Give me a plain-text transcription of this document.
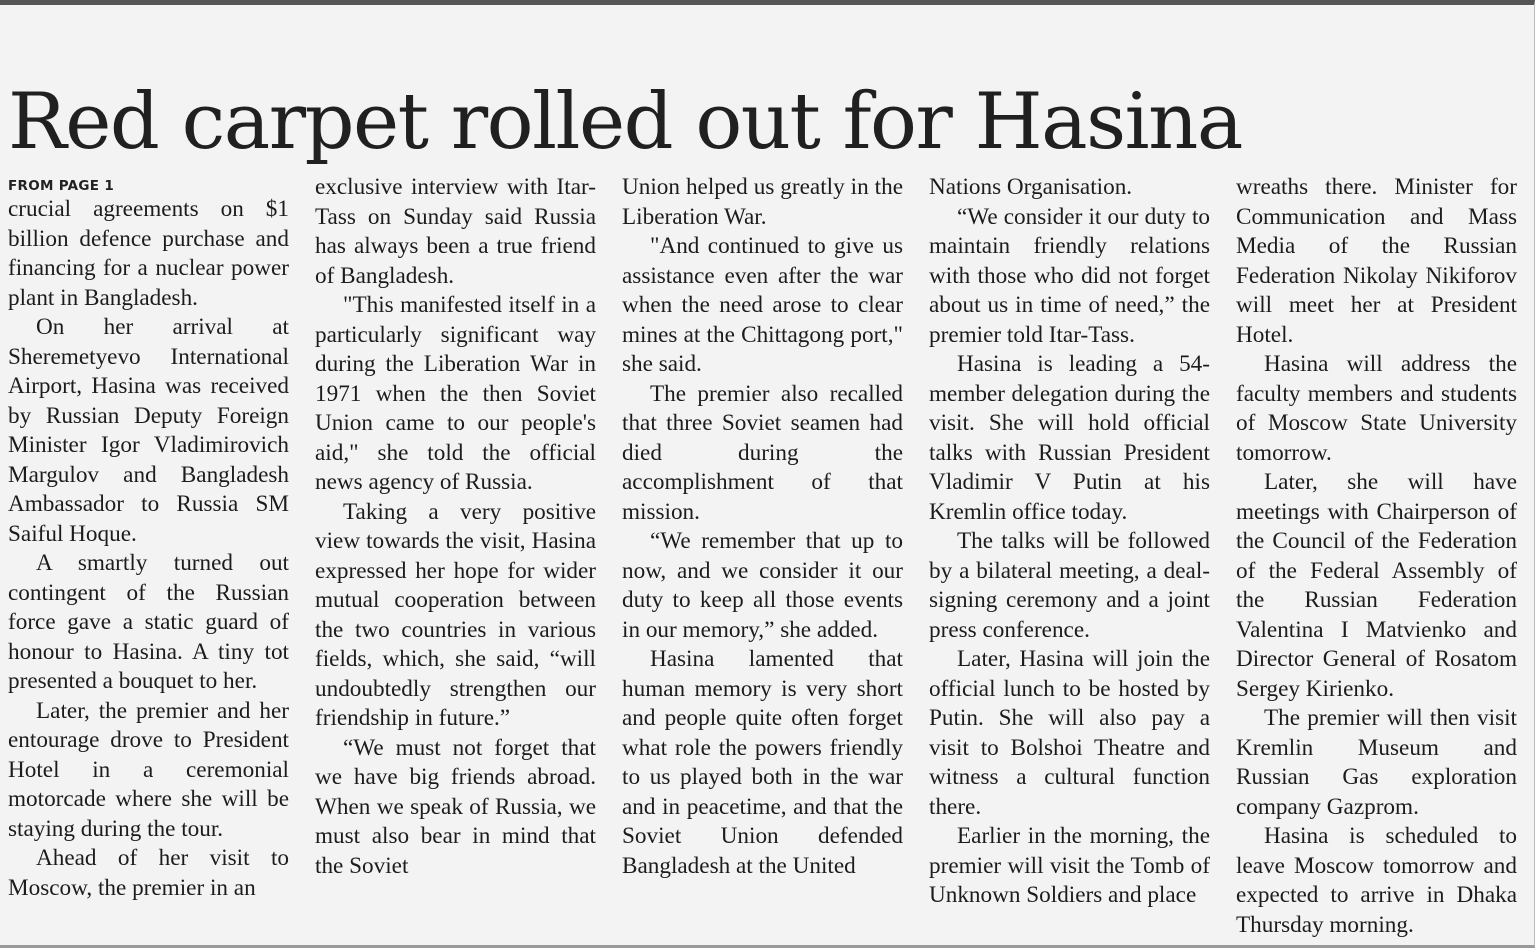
Red carpet rolled out for Hasina
FROM PAGE 1

crucial agreements on $1 billion defence purchase and financing for a nuclear power plant in Bangladesh.

On her arrival at Sheremetyevo International Airport, Hasina was received by Russian Deputy Foreign Minister Igor Vladimirovich Margulov and Bangladesh Ambassador to Russia SM Saiful Hoque.

A smartly turned out contingent of the Russian force gave a static guard of honour to Hasina. A tiny tot presented a bouquet to her.

Later, the premier and her entourage drove to President Hotel in a ceremonial motorcade where she will be staying during the tour.

Ahead of her visit to Moscow, the premier in an

exclusive interview with Itar-Tass on Sunday said Russia has always been a true friend of Bangladesh.

"This manifested itself in a particularly significant way during the Liberation War in 1971 when the then Soviet Union came to our people's aid," she told the official news agency of Russia.

Taking a very positive view towards the visit, Hasina expressed her hope for wider mutual cooperation between the two countries in various fields, which, she said, “will undoubtedly strengthen our friendship in future.”

“We must not forget that we have big friends abroad. When we speak of Russia, we must also bear in mind that the Soviet

Union helped us greatly in the Liberation War.

"And continued to give us assistance even after the war when the need arose to clear mines at the Chittagong port," she said.

The premier also recalled that three Soviet seamen had died during the accomplishment of that mission.

“We remember that up to now, and we consider it our duty to keep all those events in our memory,” she added.

Hasina lamented that human memory is very short and people quite often forget what role the powers friendly to us played both in the war and in peacetime, and that the Soviet Union defended Bangladesh at the United

Nations Organisation.

“We consider it our duty to maintain friendly relations with those who did not forget about us in time of need,” the premier told Itar-Tass.

Hasina is leading a 54-member delegation during the visit. She will hold official talks with Russian President Vladimir V Putin at his Kremlin office today.

The talks will be followed by a bilateral meeting, a deal-signing ceremony and a joint press conference.

Later, Hasina will join the official lunch to be hosted by Putin. She will also pay a visit to Bolshoi Theatre and witness a cultural function there.

Earlier in the morning, the premier will visit the Tomb of Unknown Soldiers and place

wreaths there. Minister for Communication and Mass Media of the Russian Federation Nikolay Nikiforov will meet her at President Hotel.

Hasina will address the faculty members and students of Moscow State University tomorrow.

Later, she will have meetings with Chairperson of the Council of the Federation of the Federal Assembly of the Russian Federation Valentina I Matvienko and Director General of Rosatom Sergey Kirienko.

The premier will then visit Kremlin Museum and Russian Gas exploration company Gazprom.

Hasina is scheduled to leave Moscow tomorrow and expected to arrive in Dhaka Thursday morning.
